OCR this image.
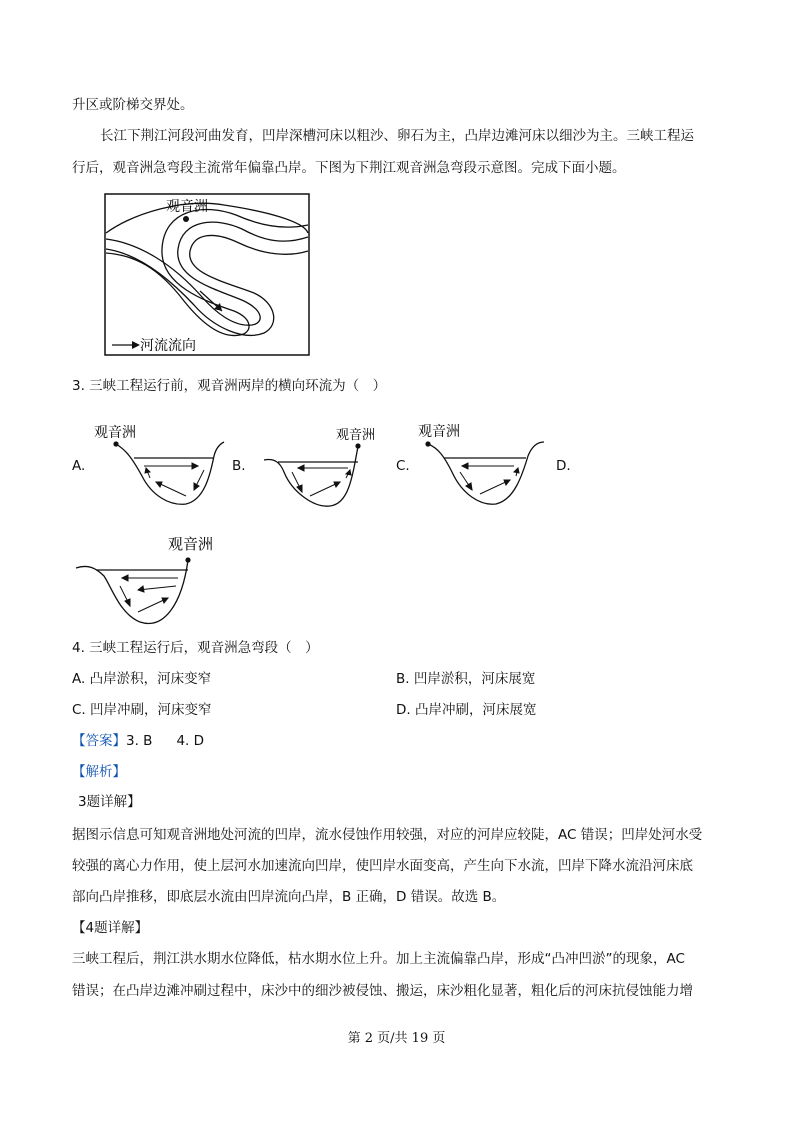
升区或阶梯交界处。
长江下荆江河段河曲发育，凹岸深槽河床以粗沙、卵石为主，凸岸边滩河床以细沙为主。三峡工程运
行后，观音洲急弯段主流常年偏靠凸岸。下图为下荆江观音洲急弯段示意图。完成下面小题。
观音洲
河流流向
3. 三峡工程运行前，观音洲两岸的横向环流为（　）
A.
观音洲
B.
观音洲
C.
观音洲
D.
观音洲
4. 三峡工程运行后，观音洲急弯段（　）
A. 凸岸淤积，河床变窄	B. 凹岸淤积，河床展宽
C. 凹岸冲刷，河床变窄	D. 凸岸冲刷，河床展宽
【答案】3. B 4. D
【解析】
3题详解】
据图示信息可知观音洲地处河流的凹岸，流水侵蚀作用较强，对应的河岸应较陡，AC 错误；凹岸处河水受
较强的离心力作用，使上层河水加速流向凹岸，使凹岸水面变高，产生向下水流，凹岸下降水流沿河床底
部向凸岸推移，即底层水流由凹岸流向凸岸，B 正确，D 错误。故选 B。
【4题详解】
三峡工程后，荆江洪水期水位降低，枯水期水位上升。加上主流偏靠凸岸，形成“凸冲凹淤”的现象，AC
错误；在凸岸边滩冲刷过程中，床沙中的细沙被侵蚀、搬运，床沙粗化显著，粗化后的河床抗侵蚀能力增
第 2 页/共 19 页
